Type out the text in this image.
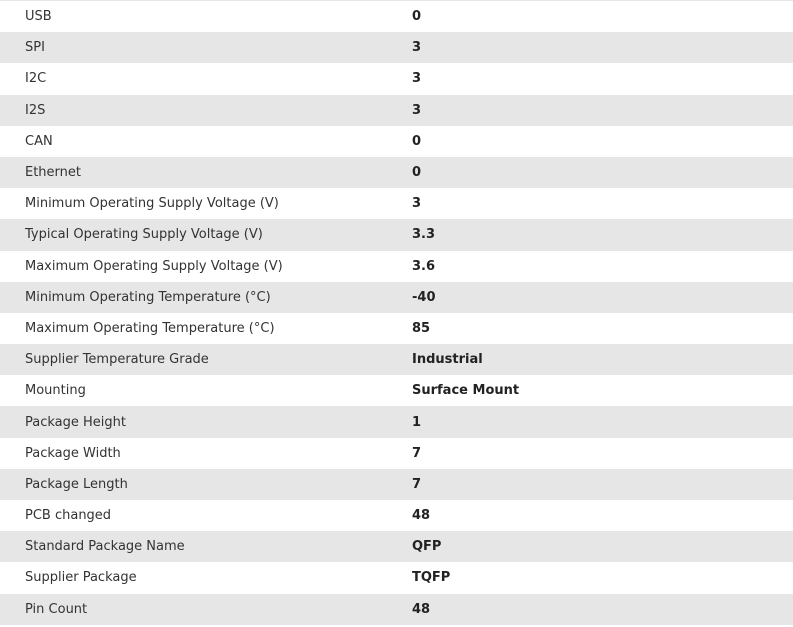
USB	0
SPI	3
I2C	3
I2S	3
CAN	0
Ethernet	0
Minimum Operating Supply Voltage (V)	3
Typical Operating Supply Voltage (V)	3.3
Maximum Operating Supply Voltage (V)	3.6
Minimum Operating Temperature (°C)	-40
Maximum Operating Temperature (°C)	85
Supplier Temperature Grade	Industrial
Mounting	Surface Mount
Package Height	1
Package Width	7
Package Length	7
PCB changed	48
Standard Package Name	QFP
Supplier Package	TQFP
Pin Count	48
